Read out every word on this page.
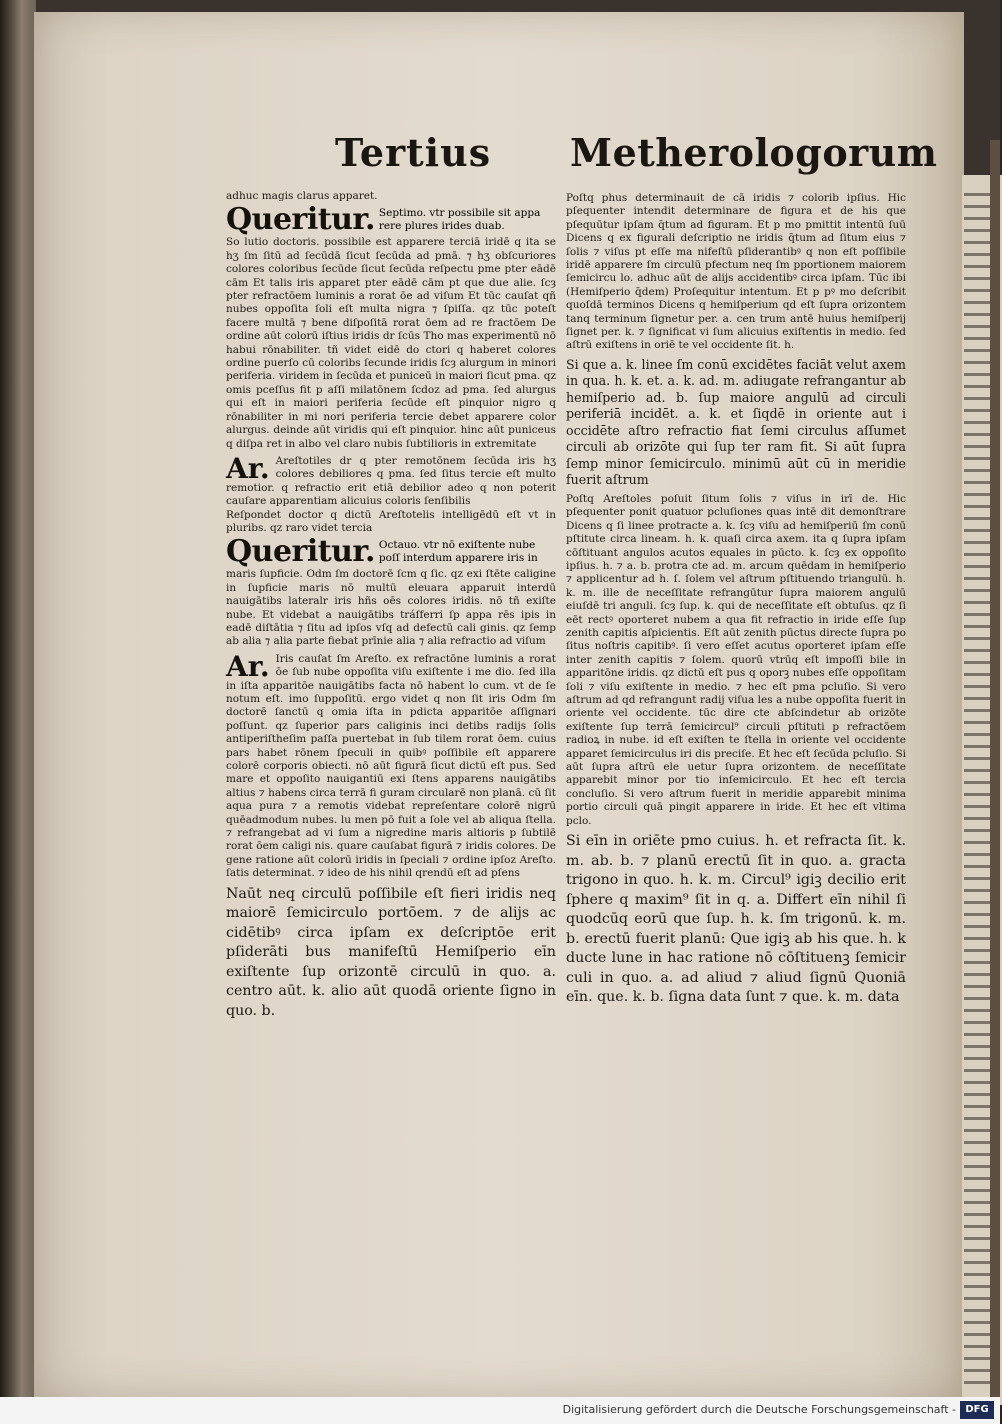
Tertius	Metherologorum

adhuc magis clarus apparet.

Queritur. Septimo. vtr possibile sit appa rere plures irides duab.

So lutio doctoris. possibile est apparere terciā iridē q ita se hʒ ſm ſitū ad ſecūdā ſicut ſecūda ad pmā. ⁊ hʒ obſcuriores colores coloribus ſecūde ſicut ſecūda reſpectu pme pter eādē cām Et talis iris apparet pter eādē cām pt que due alie. ſcȝ pter refractōem luminis a rorat ōe ad viſum Et tūc cauſat qñ nubes oppoſita ſoli eſt multa nigra ⁊ ſpiſſa. qz tūc poteſt facere multā ⁊ bene diſpoſitā rorat ōem ad re fractōem De ordine aūt colorū iſtius iridis dr ſcūs Tho mas experimentū nō habui rōnabiliter. tñ videt eidē do ctori q haberet colores ordine puerſo cū coloribs ſecunde iridis ſcȝ alurgum in minori periferia. viridem in ſecūda et puniceū in maiori ſicut pma. qz omis pceſſus fit p aſſi milatōnem ſcdoz ad pma. ſed alurgus qui eſt in maiori periferia ſecūde eſt pinquior nigro q rōnabiliter in mi nori periferia tercie debet apparere color alurgus. deinde aūt viridis qui eſt pinquior. hinc aūt puniceus q diſpa ret in albo vel claro nubis ſubtilioris in extremitate

Ar. Areſtotiles dr q pter remotōnem ſecūda iris hʒ colores debiliores q pma. ſed ſitus tercie eſt multo remotior. q refractio erit etiā debilior adeo q non poterit cauſare apparentiam alicuius coloris ſenſibilis

Reſpondet doctor q dictū Areſtotelis intelligēdū eſt vt in pluribs. qz raro videt tercia

Queritur. Octauo. vtr nō exiſtente nube poſſ interdum apparere iris in

maris ſupficie. Odm ſm doctorē ſcm q ſic. qz exi ſtēte caligine in ſupficie maris nō multū eleuara apparuit interdū nauigātibs lateralr iris hñs oēs colores iridis. nō tñ exiſte nube. Et videbat a nauigātibs tráſferri ſp appa rēs ipis in eadē diſtātia ⁊ ſitu ad ipſos vſq ad defectū cali ginis. qz ſemp ab alia ⁊ alia parte fiebat prīnie alia ⁊ alia refractio ad viſum

Ar. Iris cauſat ſm Areſto. ex refractōne luminis a rorat ōe ſub nube oppoſita viſu exiſtente i me dio. ſed illa in iſta apparitōe nauigātibs facta nō habent lo cum. vt de ſe notum eſt. imo ſuppoſitū. ergo videt q non ſit iris Odm ſm doctorē ſanctū q omia iſta in pdicta apparitōe aſſignari poſſunt. qz ſuperior pars caliginis inci detibs radijs ſolis antiperiſtheſim paſſa puertebat in ſub tilem rorat ōem. cuius pars habet rōnem ſpeculi in quibꝰ poſſibile eſt apparere colorē corporis obiecti. nō aūt figurā ſicut dictū eſt pus. Sed mare et oppoſito nauigantiū exi ſtens apparens nauigātibs altius ⁊ habens circa terrā fi guram circularē non planā. cū ſit aqua pura ⁊ a remotis videbat repreſentare colorē nigrū quēadmodum nubes. lu men pō fuit a ſole vel ab aliqua ſtella. ⁊ refrangebat ad vi ſum a nigredine maris altioris p ſubtilē rorat ōem caligi nis. quare cauſabat figurā ⁊ iridis colores. De gene ratione aūt colorū iridis in ſpeciali ⁊ ordine ipſoz Areſto. ſatis determinat. ⁊ ideo de his nihil qrendū eſt ad pſens

Naūt neq circulū poſſibile eſt fieri iridis neq maiorē ſemicirculo portōem. ⁊ de alijs ac cidētibꝰ circa ipſam ex deſcriptōe erit pſiderāti bus manifeſtū Hemiſperio eīn exiſtente ſup orizontē circulū in quo. a. centro aūt. k. alio aūt quodā oriente ſigno in quo. b.

Poſtq phus determinauit de cā iridis ⁊ colorib ipſius. Hic pſequenter intendit determinare de figura et de his que pſequūtur ipſam q̄tum ad figuram. Et p mo pmittit intentū ſuū Dicens q ex figurali deſcriptio ne iridis q̄tum ad ſitum eius ⁊ ſolis ⁊ viſus pt eſſe ma nifeſtū pſiderantibꝰ q non eſt poſſibile iridē apparere ſm circulū pfectum neq ſm pportionem maiorem ſemicircu lo. adhuc aūt de alijs accidentibꝰ circa ipſam. Tūc ibi (Hemiſperio q̄dem) Proſequitur intentum. Et p pꝰ mo deſcribit quoſdā terminos Dicens q hemiſperium qd eſt ſupra orizontem tanq terminum ſignetur per. a. cen trum antē huius hemiſperij ſignet per. k. ⁊ ſignificat vi ſum alicuius exiſtentis in medio. ſed aſtrū exiſtens in oriē te vel occidente ſit. h.

Si que a. k. linee ſm conū excidētes faciāt velut axem in qua. h. k. et. a. k. ad. m. adiugate refrangantur ab hemiſperio ad. b. ſup maiore angulū ad circuli periferiā incidēt. a. k. et ſiqdē in oriente aut i occidēte aſtro refractio fiat ſemi circulus aſſumet circuli ab orizōte qui ſup ter ram fit. Si aūt ſupra ſemp minor ſemicirculo. minimū aūt cū in meridie fuerit aſtrum

Poſtq Areſtoles poſuit ſitum ſolis ⁊ viſus in irī de. Hic pſequenter ponit quatuor pcluſiones quas intē dit demonſtrare Dicens q ſi linee protracte a. k. ſcȝ viſu ad hemiſperiū ſm conū pſtitute circa lineam. h. k. quaſi circa axem. ita q ſupra ipſam cōſtituant angulos acutos equales in pūcto. k. ſcȝ ex oppoſito ipſius. h. ⁊ a. b. protra cte ad. m. arcum quēdam in hemiſperio ⁊ applicentur ad h. ſ. ſolem vel aſtrum pſtituendo triangulū. h. k. m. ille de neceſſitate refrangūtur ſupra maiorem angulū eiuſdē tri anguli. ſcȝ ſup. k. qui de neceſſitate eſt obtuſus. qz ſi eēt rectꝰ oporteret nubem a qua fit refractio in iride eſſe ſup zenith capitis aſpicientis. Eſt aūt zenith pūctus directe ſupra po ſitus noſtris capitibꝰ. ſi vero eſſet acutus oporteret ipſam eſſe inter zenith capitis ⁊ ſolem. quorū vtrūq eſt impoſſi bile in apparitōne iridis. qz dictū eſt pus q oporꝫ nubes eſſe oppoſitam ſoli ⁊ viſu exiſtente in medio. ⁊ hec eſt pma pcluſio. Si vero aſtrum ad qd refrangunt radij viſua les a nube oppoſita fuerit in oriente vel occidente. tūc dire cte abſcindetur ab orizōte exiſtente ſup terrā ſemicircul⁹ circuli pſtituti p refractōem radioꝝ in nube. id eſt exiſten te ſtella in oriente vel occidente apparet ſemicirculus iri dis preciſe. Et hec eſt ſecūda pcluſio. Si aūt ſupra aſtrū ele uetur ſupra orizontem. de neceſſitate apparebit minor por tio inſemicirculo. Et hec eſt tercia concluſio. Si vero aſtrum fuerit in meridie apparebit minima portio circuli quā pingit apparere in iride. Et hec eſt vltima pclo.

Si eīn in oriēte pmo cuius. h. et refracta ſit. k. m. ab. b. ⁊ planū erectū ſit in quo. a. gracta trigono in quo. h. k. m. Circul⁹ igiꝫ decilio erit ſphere q maxim⁹ ſit in q. a. Differt eīn nihil ſi quodcūq eorū que ſup. h. k. ſm trigonū. k. m. b. erectū fuerit planū: Que igiꝫ ab his que. h. k ducte lune in hac ratione nō cōſtituenꝫ ſemicir culi in quo. a. ad aliud ⁊ aliud ſignū Quoniā eīn. que. k. b. ſigna data ſunt ⁊ que. k. m. data

Digitalisierung gefördert durch die Deutsche Forschungsgemeinschaft - DFG
